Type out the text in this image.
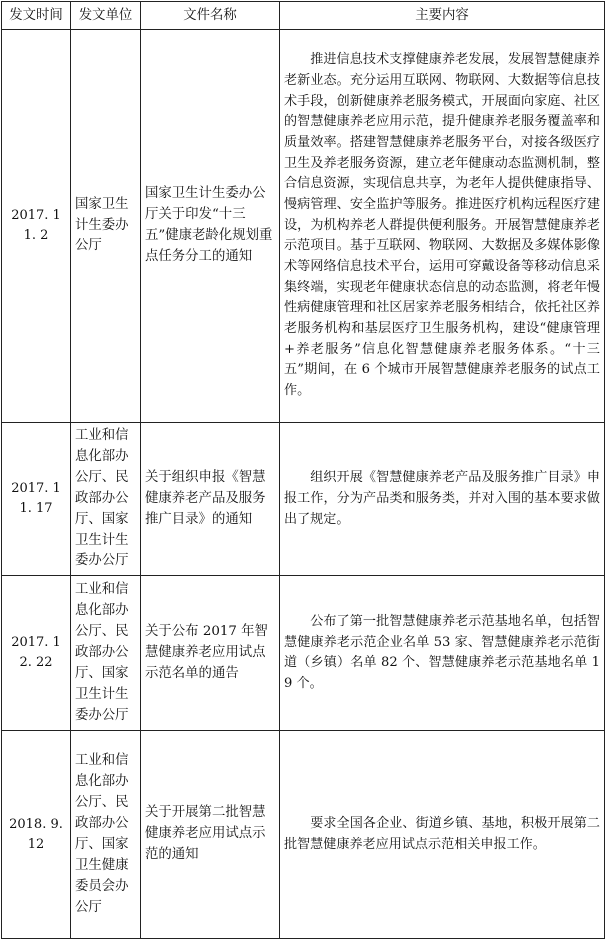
发文时间	发文单位	文件名称	主要内容
2017. 11. 2	国家卫生计生委办公厅	国家卫生计生委办公厅关于印发“十三五”健康老龄化规划重点任务分工的通知	推进信息技术支撑健康养老发展，发展智慧健康养老新业态。充分运用互联网、物联网、大数据等信息技术手段，创新健康养老服务模式，开展面向家庭、社区的智慧健康养老应用示范，提升健康养老服务覆盖率和质量效率。搭建智慧健康养老服务平台，对接各级医疗卫生及养老服务资源，建立老年健康动态监测机制，整合信息资源，实现信息共享，为老年人提供健康指导、慢病管理、安全监护等服务。推进医疗机构远程医疗建设，为机构养老人群提供便利服务。开展智慧健康养老示范项目。基于互联网、物联网、大数据及多媒体影像术等网络信息技术平台，运用可穿戴设备等移动信息采集终端，实现老年健康状态信息的动态监测，将老年慢性病健康管理和社区居家养老服务相结合，依托社区养老服务机构和基层医疗卫生服务机构，建设“健康管理+养老服务”信息化智慧健康养老服务体系。“十三五”期间，在 6 个城市开展智慧健康养老服务的试点工作。

2017. 11. 17	工业和信息化部办公厅、民政部办公厅、国家卫生计生委办公厅	关于组织申报《智慧健康养老产品及服务推广目录》的通知	组织开展《智慧健康养老产品及服务推广目录》申报工作，分为产品类和服务类，并对入围的基本要求做出了规定。

2017. 12. 22	工业和信息化部办公厅、民政部办公厅、国家卫生计生委办公厅	关于公布 2017 年智慧健康养老应用试点示范名单的通告	公布了第一批智慧健康养老示范基地名单，包括智慧健康养老示范企业名单 53 家、智慧健康养老示范街道（乡镇）名单 82 个、智慧健康养老示范基地名单 19 个。

2018. 9. 12	工业和信息化部办公厅、民政部办公厅、国家卫生健康委员会办公厅	关于开展第二批智慧健康养老应用试点示范的通知	要求全国各企业、街道乡镇、基地，积极开展第二批智慧健康养老应用试点示范相关申报工作。
